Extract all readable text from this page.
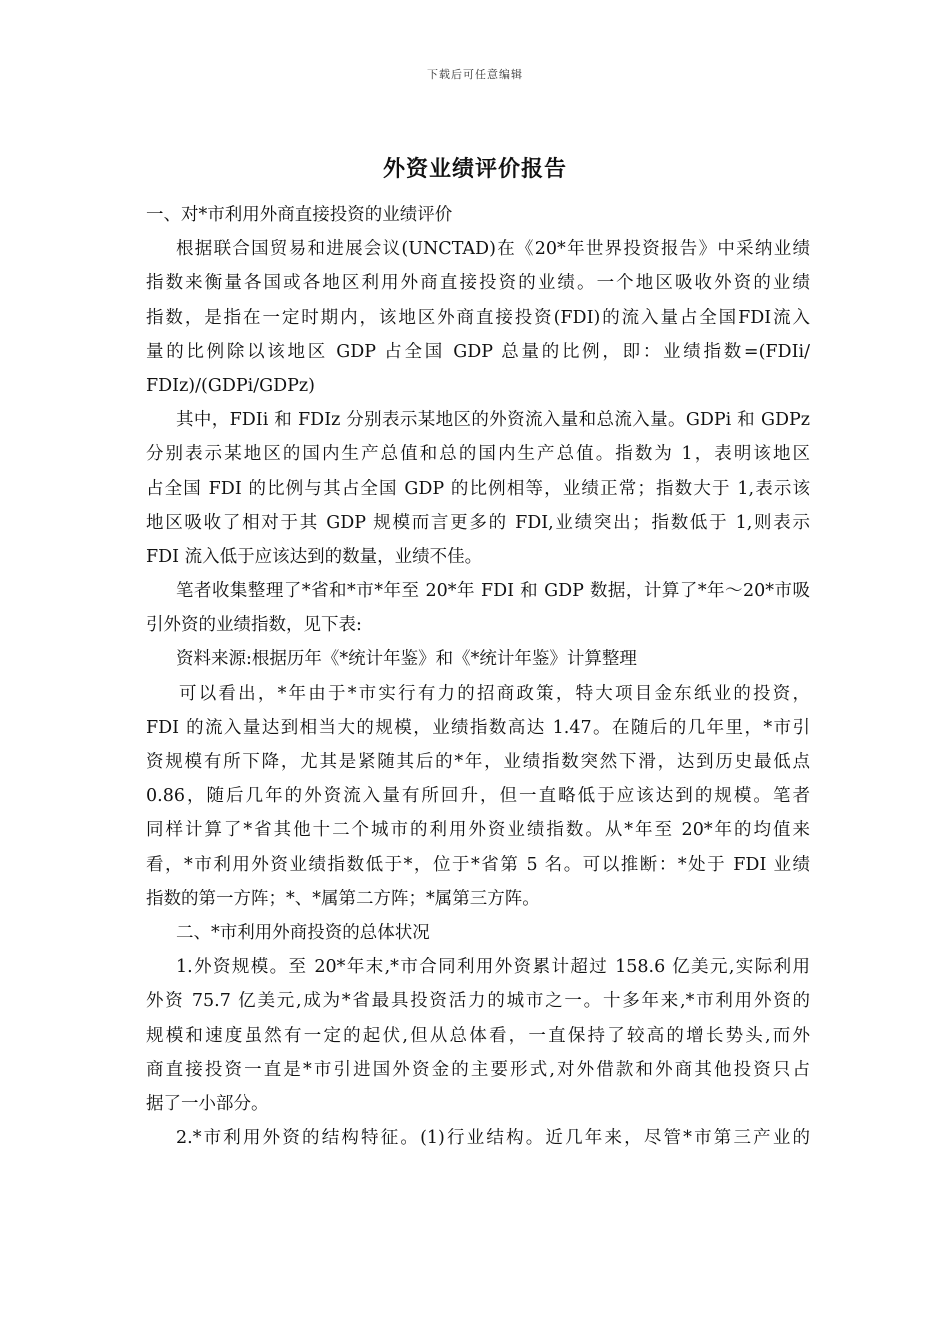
下载后可任意编辑
外资业绩评价报告
一、对*市利用外商直接投资的业绩评价
根据联合国贸易和进展会议(UNCTAD)在《20*年世界投资报告》中采纳业绩
指数来衡量各国或各地区利用外商直接投资的业绩。一个地区吸收外资的业绩
指数，是指在一定时期内，该地区外商直接投资(FDI)的流入量占全国FDI流入
量的比例除以该地区 GDP 占全国 GDP 总量的比例，即：业绩指数=(FDIi/
FDIz)/(GDPi/GDPz)
其中，FDIi 和 FDIz 分别表示某地区的外资流入量和总流入量。GDPi 和 GDPz
分别表示某地区的国内生产总值和总的国内生产总值。指数为 1，表明该地区
占全国 FDI 的比例与其占全国 GDP 的比例相等，业绩正常；指数大于 1,表示该
地区吸收了相对于其 GDP 规模而言更多的 FDI,业绩突出；指数低于 1,则表示
FDI 流入低于应该达到的数量，业绩不佳。
笔者收集整理了*省和*市*年至 20*年 FDI 和 GDP 数据，计算了*年～20*市吸
引外资的业绩指数，见下表:
资料来源:根据历年《*统计年鉴》和《*统计年鉴》计算整理
可以看出，*年由于*市实行有力的招商政策，特大项目金东纸业的投资，
FDI 的流入量达到相当大的规模，业绩指数高达 1.47。在随后的几年里，*市引
资规模有所下降，尤其是紧随其后的*年，业绩指数突然下滑，达到历史最低点
0.86，随后几年的外资流入量有所回升，但一直略低于应该达到的规模。笔者
同样计算了*省其他十二个城市的利用外资业绩指数。从*年至 20*年的均值来
看，*市利用外资业绩指数低于*，位于*省第 5 名。可以推断：*处于 FDI 业绩
指数的第一方阵；*、*属第二方阵；*属第三方阵。
二、*市利用外商投资的总体状况
1.外资规模。至 20*年末,*市合同利用外资累计超过 158.6 亿美元,实际利用
外资 75.7 亿美元,成为*省最具投资活力的城市之一。十多年来,*市利用外资的
规模和速度虽然有一定的起伏,但从总体看，一直保持了较高的增长势头,而外
商直接投资一直是*市引进国外资金的主要形式,对外借款和外商其他投资只占
据了一小部分。
2.*市利用外资的结构特征。(1)行业结构。近几年来，尽管*市第三产业的
